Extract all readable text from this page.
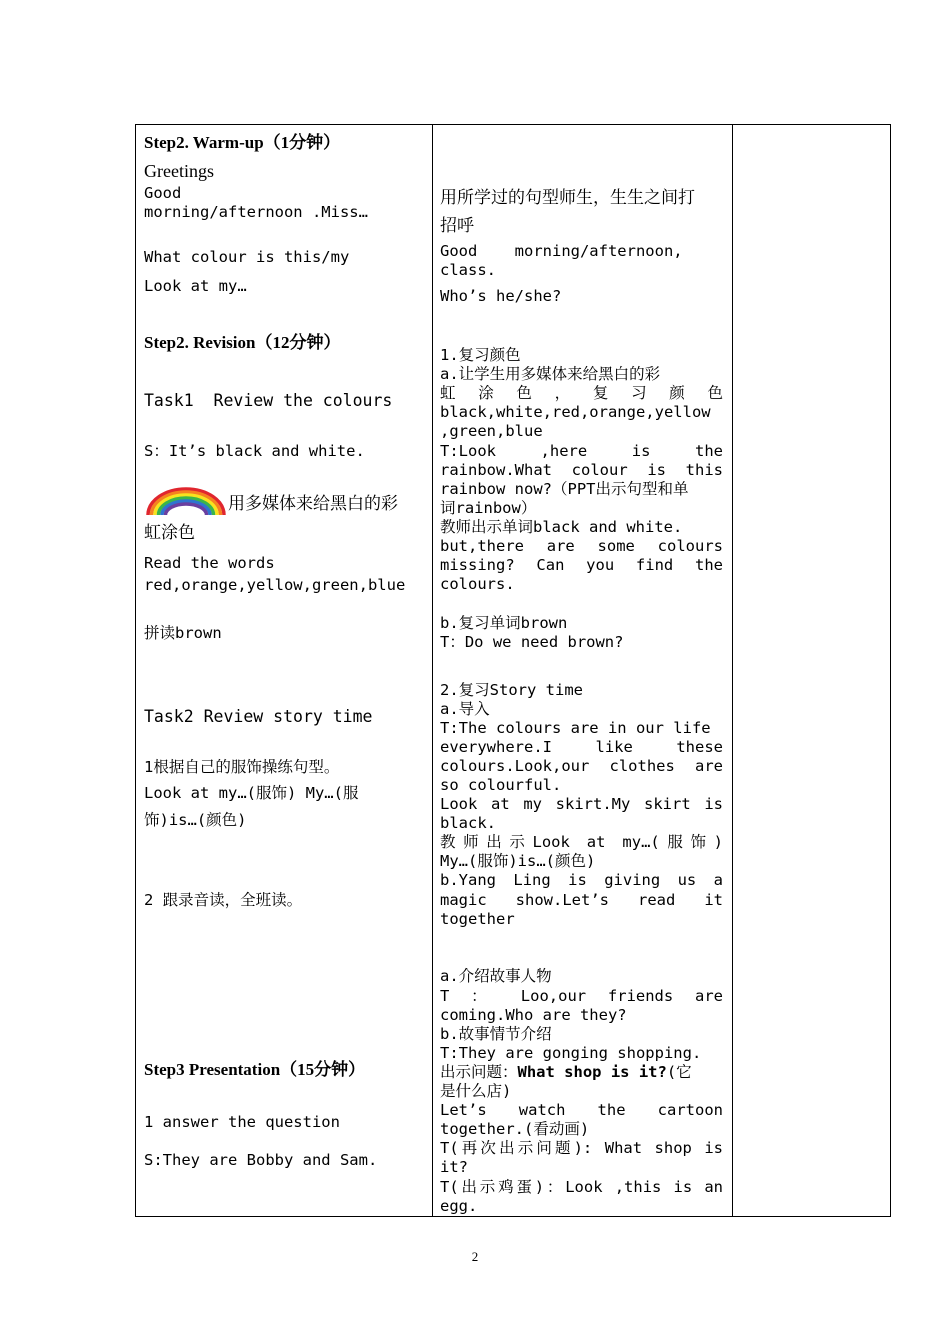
Step2. Warm-up（1分钟）
Greetings
Good
morning/afternoon .Miss…
What colour is this/my
Look at my…
Step2. Revision（12分钟）
Task1  Review the colours
S：It’s black and white.
用多媒体来给黑白的彩
虹涂色
Read the words
red,orange,yellow,green,blue
拼读brown
Task2 Review story time
1根据自己的服饰操练句型。
Look at my…(服饰) My…(服
饰)is…(颜色)
2 跟录音读，全班读。
Step3 Presentation（15分钟）
1 answer the question
S:They are Bobby and Sam.
用所学过的句型师生，生生之间打
招呼
Good    morning/afternoon,
class.
Who’s he/she?
1.复习颜色
a.让学生用多媒体来给黑白的彩
虹 涂 色 ， 复 习 颜 色
black,white,red,orange,yellow
,green,blue
T:Look ,here is the
rainbow.What colour is this
rainbow now?（PPT出示句型和单
词rainbow）
教师出示单词black and white.
but,there are some colours
missing? Can you find the
colours.
b.复习单词brown
T：Do we need brown?
2.复习Story time
a.导入
T:The colours are in our life
everywhere.I like these
colours.Look,our clothes are
so colourful.
Look at my skirt.My skirt is
black.
教师出示Look at my…(服饰)
My…(服饰)is…(颜色)
b.Yang Ling is giving us a
magic show.Let’s read it
together
a.介绍故事人物
T ： Loo,our friends are
coming.Who are they?
b.故事情节介绍
T:They are gonging shopping.
出示问题：What shop is it?(它
是什么店)
Let’s watch the cartoon
together.(看动画)
T(再次出示问题): What shop is
it?
T(出示鸡蛋)：Look ,this is an
egg.
2
